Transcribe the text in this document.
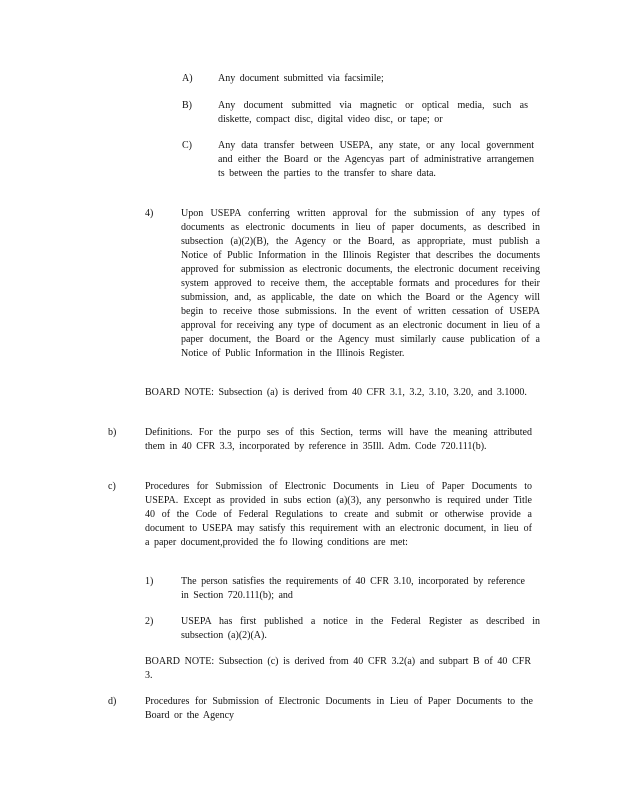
A)	Any document submitted via facsimile;
B)	Any document submitted via magnetic or optical media, such as diskette, compact disc, digital video disc, or tape; or
C)	Any data transfer between USEPA, any state, or any local government and either the Board or the Agencyas part of administrative arrangemen ts between the parties to the transfer to share data.
4)	Upon USEPA conferring written approval for the submission of any types of documents as electronic documents in lieu of paper documents, as described in subsection (a)(2)(B), the Agency or the Board, as appropriate, must publish a Notice of Public Information in the Illinois Register that describes the documents approved for submission as electronic documents, the electronic document receiving system approved to receive them, the acceptable formats and procedures for their submission, and, as applicable, the date on which the Board or the Agency will begin to receive those submissions. In the event of written cessation of USEPA approval for receiving any type of document as an electronic document in lieu of a paper document, the Board or the Agency must similarly cause publication of a Notice of Public Information in the Illinois Register.
BOARD NOTE: Subsection (a) is derived from 40 CFR 3.1, 3.2, 3.10, 3.20, and 3.1000.
b)	Definitions. For the purpo ses of this Section, terms will have the meaning attributed them in 40 CFR 3.3, incorporated by reference in 35Ill. Adm. Code 720.111(b).
c)	Procedures for Submission of Electronic Documents in Lieu of Paper Documents to USEPA. Except as provided in subs ection (a)(3), any personwho is required under Title 40 of the Code of Federal Regulations to create and submit or otherwise provide a document to USEPA may satisfy this requirement with an electronic document, in lieu of a paper document,provided the fo llowing conditions are met:
1)	The person satisfies the requirements of 40 CFR 3.10, incorporated by reference in Section 720.111(b); and
2)	USEPA has first published a notice in the Federal Register as described in subsection (a)(2)(A).
BOARD NOTE: Subsection (c) is derived from 40 CFR 3.2(a) and subpart B of 40 CFR 3.
d)	Procedures for Submission of Electronic Documents in Lieu of Paper Documents to the Board or the Agency
